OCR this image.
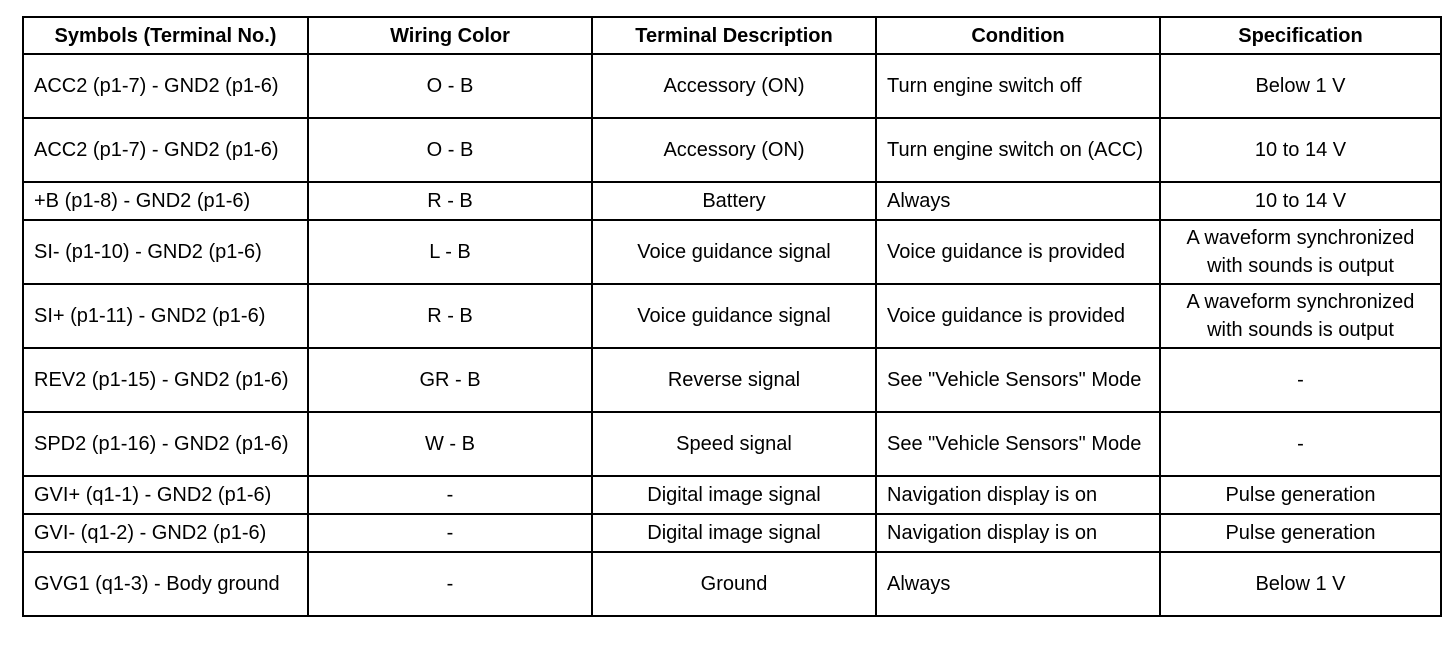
Symbols (Terminal No.)	Wiring Color	Terminal Description	Condition	Specification
ACC2 (p1-7) - GND2 (p1-6)	O - B	Accessory (ON)	Turn engine switch off	Below 1 V
ACC2 (p1-7) - GND2 (p1-6)	O - B	Accessory (ON)	Turn engine switch on (ACC)	10 to 14 V
+B (p1-8) - GND2 (p1-6)	R - B	Battery	Always	10 to 14 V
SI- (p1-10) - GND2 (p1-6)	L - B	Voice guidance signal	Voice guidance is provided	A waveform synchronized with sounds is output
SI+ (p1-11) - GND2 (p1-6)	R - B	Voice guidance signal	Voice guidance is provided	A waveform synchronized with sounds is output
REV2 (p1-15) - GND2 (p1-6)	GR - B	Reverse signal	See "Vehicle Sensors" Mode	-
SPD2 (p1-16) - GND2 (p1-6)	W - B	Speed signal	See "Vehicle Sensors" Mode	-
GVI+ (q1-1) - GND2 (p1-6)	-	Digital image signal	Navigation display is on	Pulse generation
GVI- (q1-2) - GND2 (p1-6)	-	Digital image signal	Navigation display is on	Pulse generation
GVG1 (q1-3) - Body ground	-	Ground	Always	Below 1 V
